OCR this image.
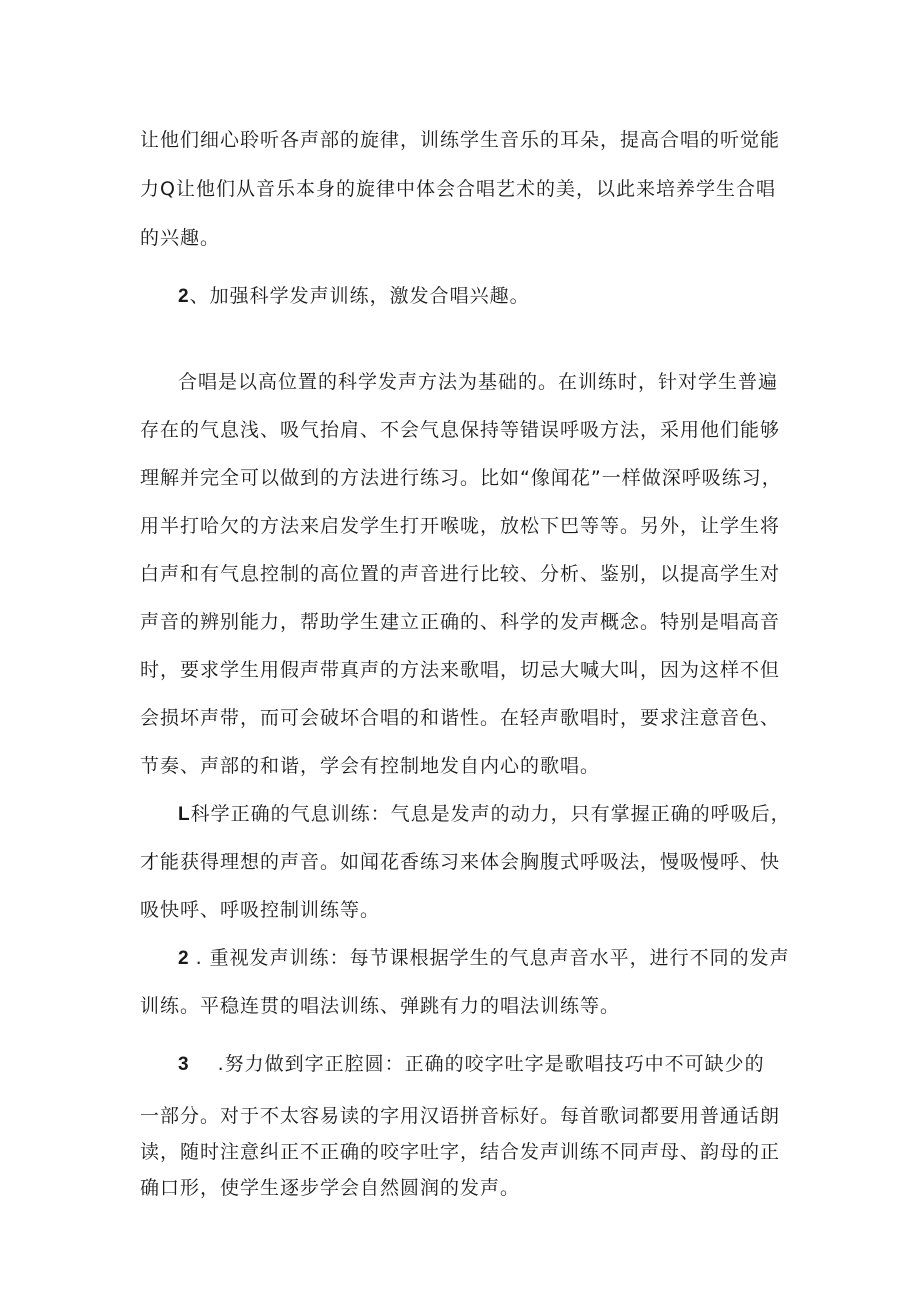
让他们细心聆听各声部的旋律，训练学生音乐的耳朵，提高合唱的听觉能
力Q让他们从音乐本身的旋律中体会合唱艺术的美，以此来培养学生合唱
的兴趣。
2、加强科学发声训练，激发合唱兴趣。
合唱是以高位置的科学发声方法为基础的。在训练时，针对学生普遍
存在的气息浅、吸气抬肩、不会气息保持等错误呼吸方法，采用他们能够
理解并完全可以做到的方法进行练习。比如“像闻花”一样做深呼吸练习，
用半打哈欠的方法来启发学生打开喉咙，放松下巴等等。另外，让学生将
白声和有气息控制的高位置的声音进行比较、分析、鉴别，以提高学生对
声音的辨别能力，帮助学生建立正确的、科学的发声概念。特别是唱高音
时，要求学生用假声带真声的方法来歌唱，切忌大喊大叫，因为这样不但
会损坏声带，而可会破坏合唱的和谐性。在轻声歌唱时，要求注意音色、
节奏、声部的和谐，学会有控制地发自内心的歌唱。
L科学正确的气息训练：气息是发声的动力，只有掌握正确的呼吸后，
才能获得理想的声音。如闻花香练习来体会胸腹式呼吸法，慢吸慢呼、快
吸快呼、呼吸控制训练等。
2 . 重视发声训练：每节课根据学生的气息声音水平，进行不同的发声
训练。平稳连贯的唱法训练、弹跳有力的唱法训练等。
3 .努力做到字正腔圆：正确的咬字吐字是歌唱技巧中不可缺少的
一部分。对于不太容易读的字用汉语拼音标好。每首歌词都要用普通话朗
读，随时注意纠正不正确的咬字吐字，结合发声训练不同声母、韵母的正
确口形，使学生逐步学会自然圆润的发声。
